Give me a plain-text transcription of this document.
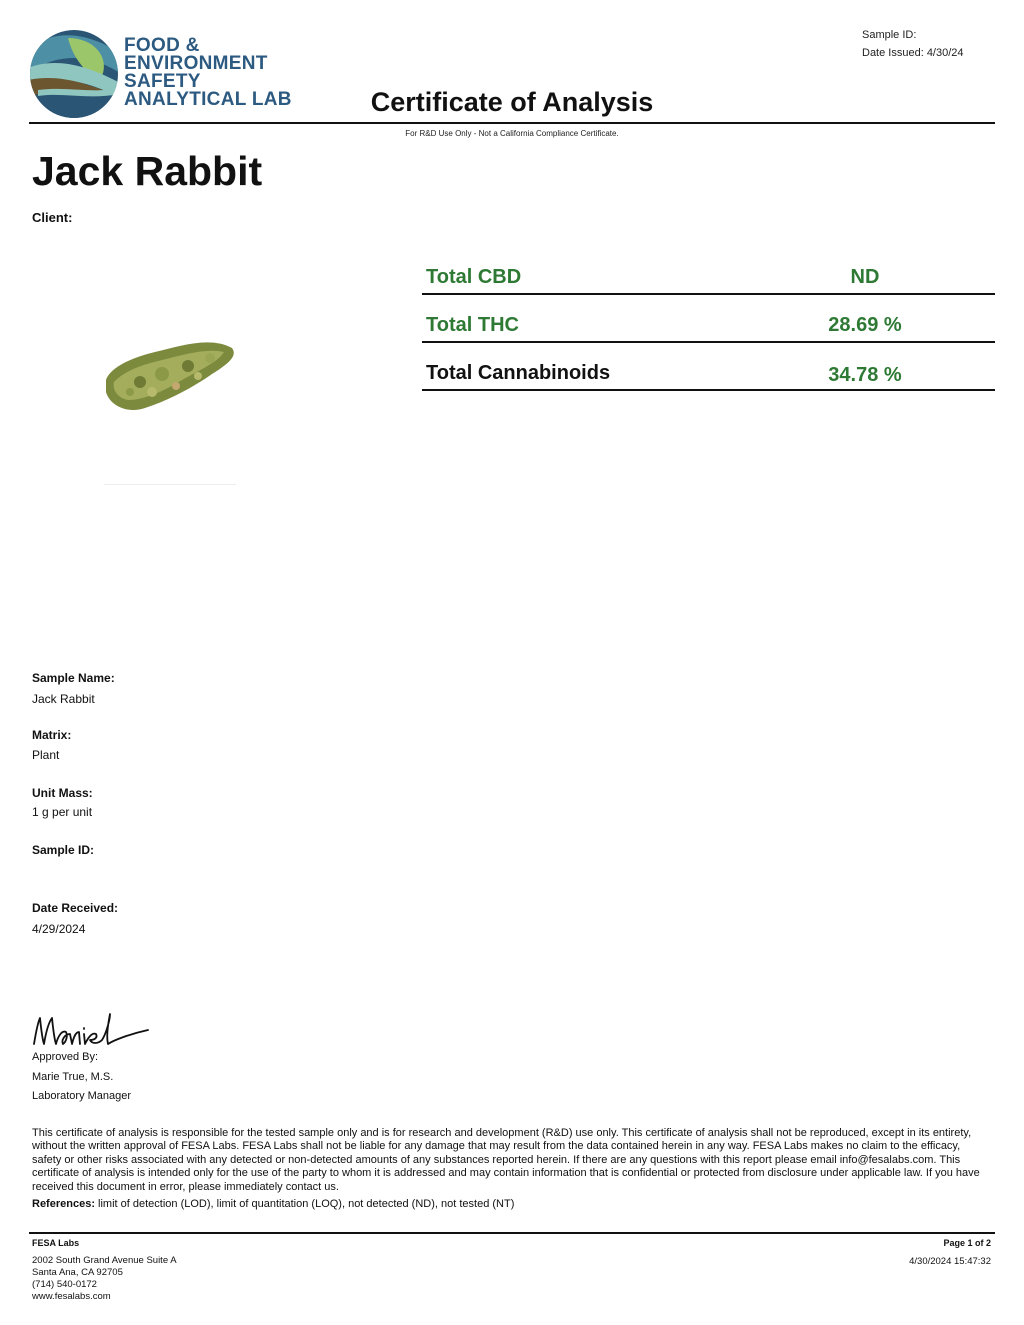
FOOD &
ENVIRONMENT
SAFETY
ANALYTICAL LAB
Sample ID:
Date Issued: 4/30/24
Certificate of Analysis
For R&D Use Only - Not a California Compliance Certificate.
Jack Rabbit
Client:
Total CBD	ND
Total THC	28.69 %
Total Cannabinoids	34.78 %
Sample Name:
Jack Rabbit
Matrix:
Plant
Unit Mass:
1 g per unit
Sample ID:
Date Received:
4/29/2024
Approved By:
Marie True, M.S.
Laboratory Manager
This certificate of analysis is responsible for the tested sample only and is for research and development (R&D) use only. This certificate of analysis shall not be reproduced, except in its entirety, without the written approval of FESA Labs. FESA Labs shall not be liable for any damage that may result from the data contained herein in any way. FESA Labs makes no claim to the efficacy, safety or other risks associated with any detected or non-detected amounts of any substances reported herein. If there are any questions with this report please email info@fesalabs.com. This certificate of analysis is intended only for the use of the party to whom it is addressed and may contain information that is confidential or protected from disclosure under applicable law. If you have received this document in error, please immediately contact us.
References: limit of detection (LOD), limit of quantitation (LOQ), not detected (ND), not tested (NT)
FESA Labs
2002 South Grand Avenue Suite A
Santa Ana, CA 92705
(714) 540-0172
www.fesalabs.com
Page 1 of 2
4/30/2024 15:47:32
